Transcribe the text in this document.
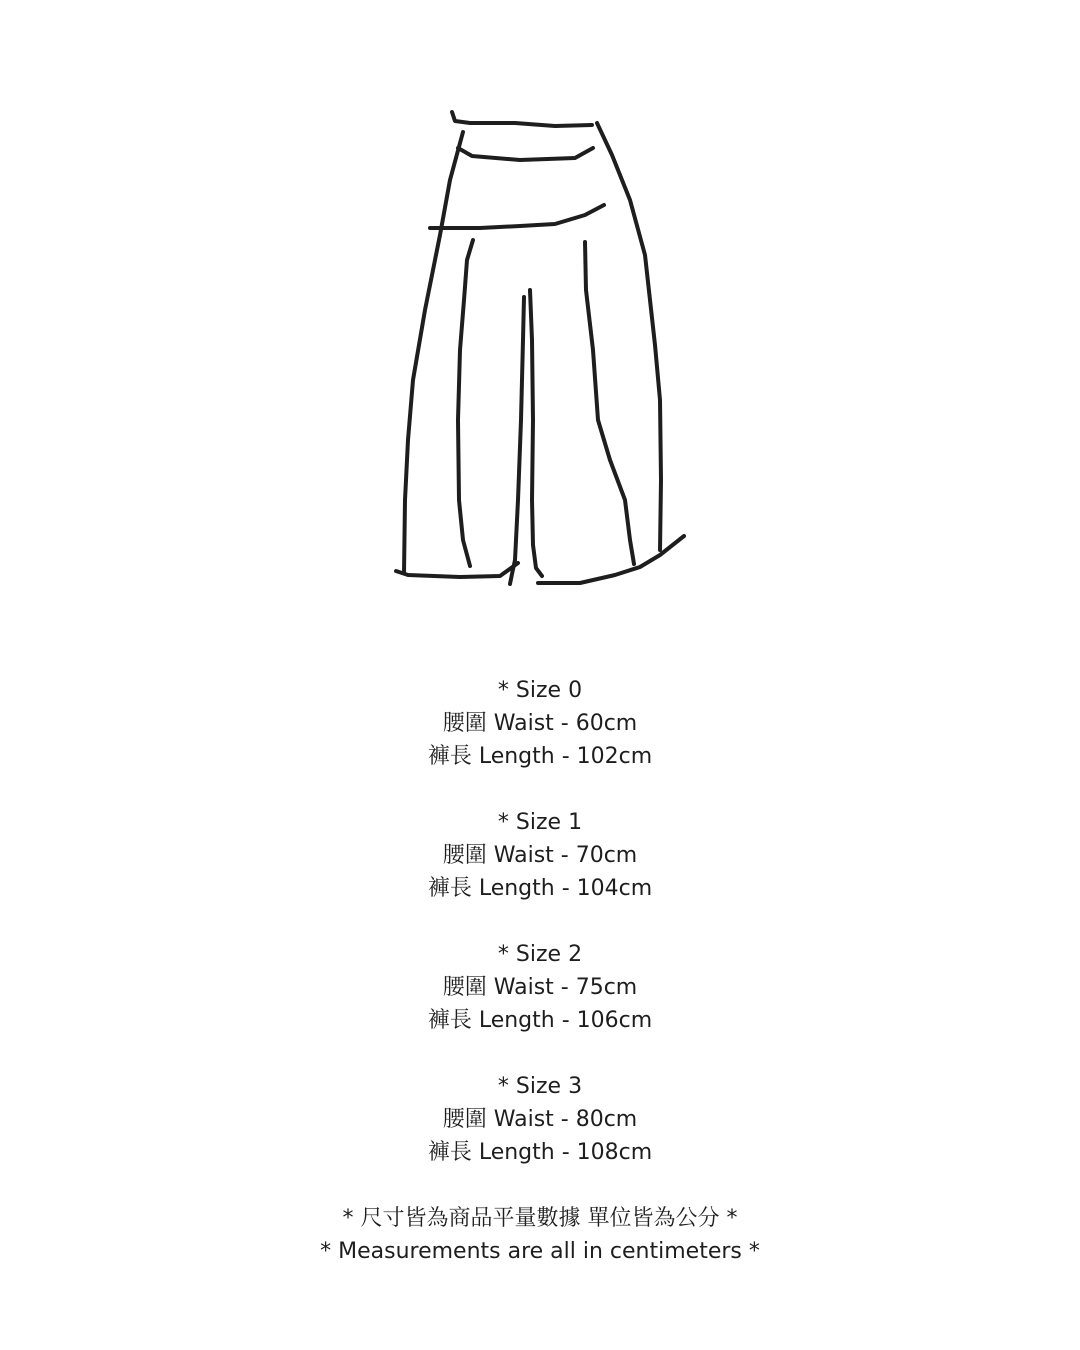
* Size 0
腰圍 Waist - 60cm
褲長 Length - 102cm
* Size 1
腰圍 Waist - 70cm
褲長 Length - 104cm
* Size 2
腰圍 Waist - 75cm
褲長 Length - 106cm
* Size 3
腰圍 Waist - 80cm
褲長 Length - 108cm
* 尺寸皆為商品平量數據 單位皆為公分 *
* Measurements are all in centimeters *
